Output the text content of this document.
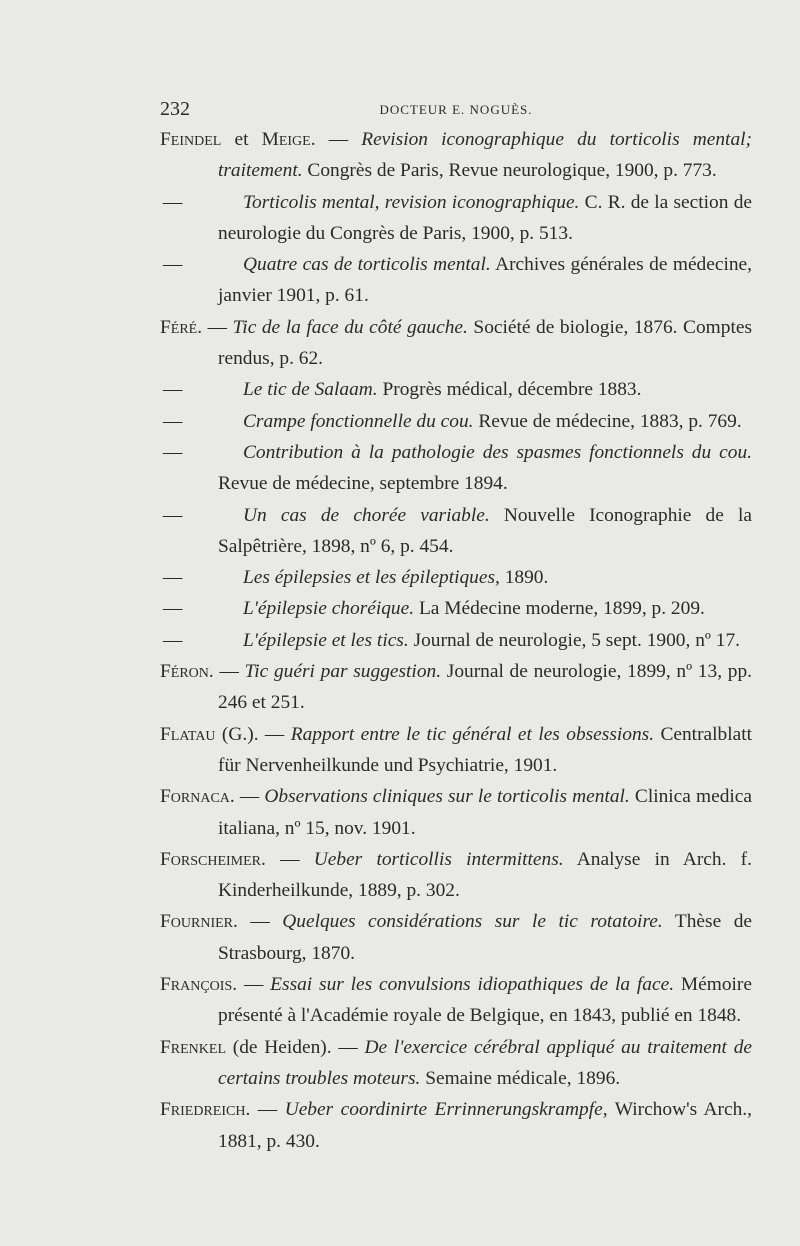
232	DOCTEUR E. NOGUÈS.
Feindel et Meige. — Revision iconographique du torticolis mental; traitement. Congrès de Paris, Revue neurologique, 1900, p. 773.
—	Torticolis mental, revision iconographique. C. R. de la section de neurologie du Congrès de Paris, 1900, p. 513.
—	Quatre cas de torticolis mental. Archives générales de médecine, janvier 1901, p. 61.
Féré. — Tic de la face du côté gauche. Société de biologie, 1876. Comptes rendus, p. 62.
—	Le tic de Salaam. Progrès médical, décembre 1883.
—	Crampe fonctionnelle du cou. Revue de médecine, 1883, p. 769.
—	Contribution à la pathologie des spasmes fonctionnels du cou. Revue de médecine, septembre 1894.
—	Un cas de chorée variable. Nouvelle Iconographie de la Salpêtrière, 1898, nº 6, p. 454.
—	Les épilepsies et les épileptiques, 1890.
—	L'épilepsie choréique. La Médecine moderne, 1899, p. 209.
—	L'épilepsie et les tics. Journal de neurologie, 5 sept. 1900, nº 17.
Féron. — Tic guéri par suggestion. Journal de neurologie, 1899, nº 13, pp. 246 et 251.
Flatau (G.). — Rapport entre le tic général et les obsessions. Centralblatt für Nervenheilkunde und Psychiatrie, 1901.
Fornaca. — Observations cliniques sur le torticolis mental. Clinica medica italiana, nº 15, nov. 1901.
Forscheimer. — Ueber torticollis intermittens. Analyse in Arch. f. Kinderheilkunde, 1889, p. 302.
Fournier. — Quelques considérations sur le tic rotatoire. Thèse de Strasbourg, 1870.
François. — Essai sur les convulsions idiopathiques de la face. Mémoire présenté à l'Académie royale de Belgique, en 1843, publié en 1848.
Frenkel (de Heiden). — De l'exercice cérébral appliqué au traitement de certains troubles moteurs. Semaine médicale, 1896.
Friedreich. — Ueber coordinirte Errinnerungskrampfe, Wirchow's Arch., 1881, p. 430.
